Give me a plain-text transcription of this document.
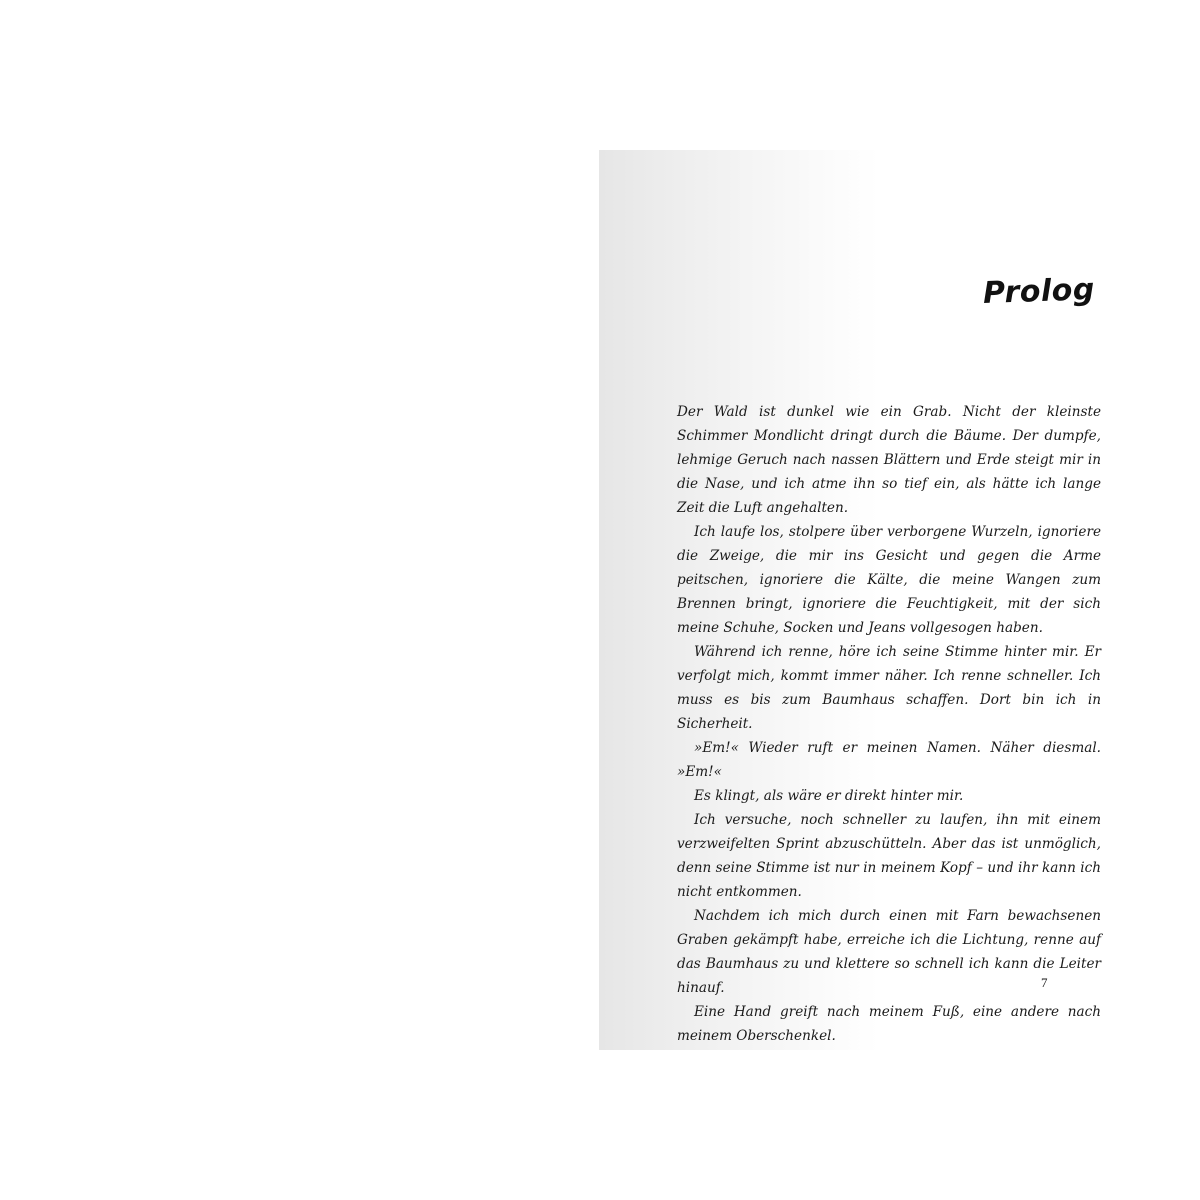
Prolog

Der Wald ist dunkel wie ein Grab. Nicht der kleinste Schimmer Mondlicht dringt durch die Bäume. Der dumpfe, lehmige Geruch nach nassen Blättern und Erde steigt mir in die Nase, und ich atme ihn so tief ein, als hätte ich lange Zeit die Luft angehalten.

Ich laufe los, stolpere über verborgene Wurzeln, ignoriere die Zweige, die mir ins Gesicht und gegen die Arme peitschen, ignoriere die Kälte, die meine Wangen zum Brennen bringt, ignoriere die Feuchtigkeit, mit der sich meine Schuhe, Socken und Jeans vollgesogen haben.

Während ich renne, höre ich seine Stimme hinter mir. Er verfolgt mich, kommt immer näher. Ich renne schneller. Ich muss es bis zum Baumhaus schaffen. Dort bin ich in Sicherheit.

»Em!« Wieder ruft er meinen Namen. Näher diesmal. »Em!«

Es klingt, als wäre er direkt hinter mir.

Ich versuche, noch schneller zu laufen, ihn mit einem verzweifelten Sprint abzuschütteln. Aber das ist unmöglich, denn seine Stimme ist nur in meinem Kopf – und ihr kann ich nicht entkommen.

Nachdem ich mich durch einen mit Farn bewachsenen Graben gekämpft habe, erreiche ich die Lichtung, renne auf das Baumhaus zu und klettere so schnell ich kann die Leiter hinauf.

Eine Hand greift nach meinem Fuß, eine andere nach meinem Oberschenkel.

7
